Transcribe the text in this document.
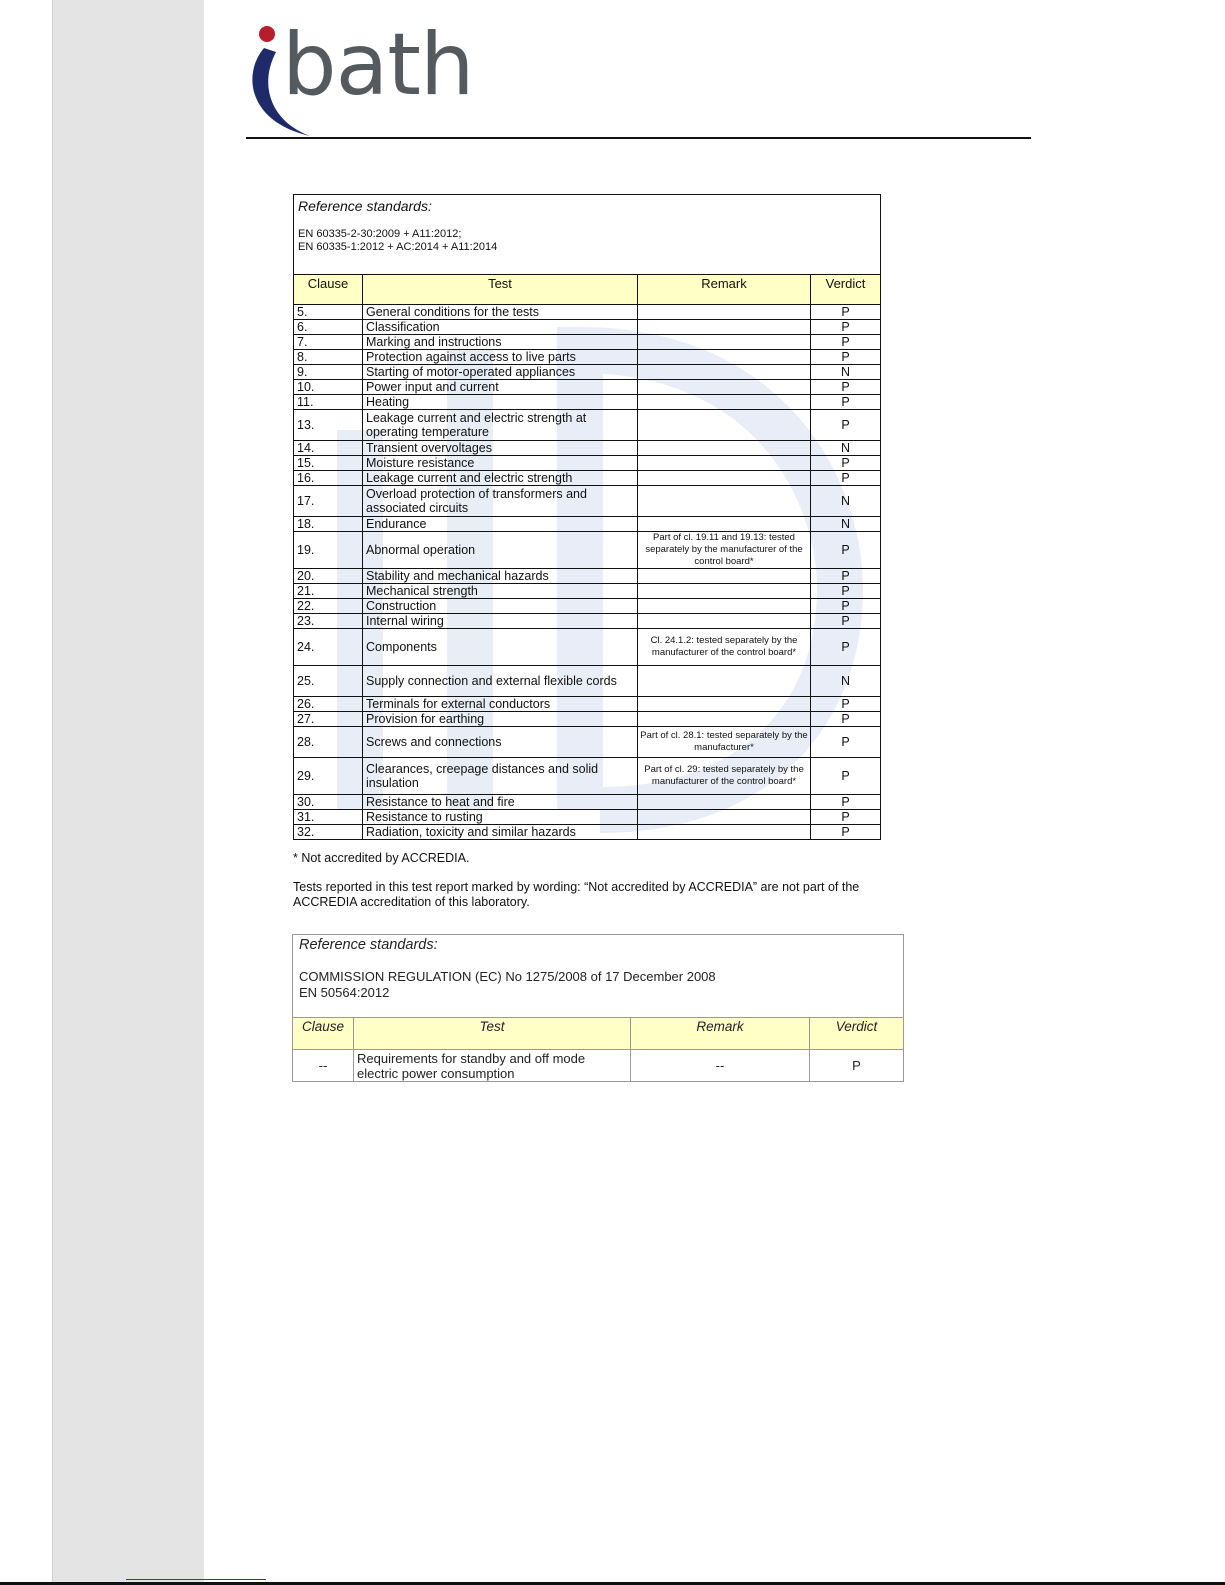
bath
Reference standards:
EN 60335-2-30:2009 + A11:2012;
EN 60335-1:2012 + AC:2014 + A11:2014			

Clause	Test	Remark	Verdict
5.	General conditions for the tests		P
6.	Classification		P
7.	Marking and instructions		P
8.	Protection against access to live parts		P
9.	Starting of motor-operated appliances		N
10.	Power input and current		P
11.	Heating		P
13.	Leakage current and electric strength at operating temperature		P
14.	Transient overvoltages		N
15.	Moisture resistance		P
16.	Leakage current and electric strength		P
17.	Overload protection of transformers and associated circuits		N
18.	Endurance		N
19.	Abnormal operation	Part of cl. 19.11 and 19.13: tested separately by the manufacturer of the control board*	P
20.	Stability and mechanical hazards		P
21.	Mechanical strength		P
22.	Construction		P
23.	Internal wiring		P
24.	Components	Cl. 24.1.2: tested separately by the manufacturer of the control board*	P
25.	Supply connection and external flexible cords		N
26.	Terminals for external conductors		P
27.	Provision for earthing		P
28.	Screws and connections	Part of cl. 28.1: tested separately by the manufacturer*	P
29.	Clearances, creepage distances and solid insulation	Part of cl. 29: tested separately by the manufacturer of the control board*	P
30.	Resistance to heat and fire		P
31.	Resistance to rusting		P
32.	Radiation, toxicity and similar hazards		P
* Not accredited by ACCREDIA.
Tests reported in this test report marked by wording: “Not accredited by ACCREDIA” are not part of the ACCREDIA accreditation of this laboratory.
Reference standards:
COMMISSION REGULATION (EC) No 1275/2008 of 17 December 2008
EN 50564:2012			

Clause	Test	Remark	Verdict
--	Requirements for standby and off mode electric power consumption	--	P
